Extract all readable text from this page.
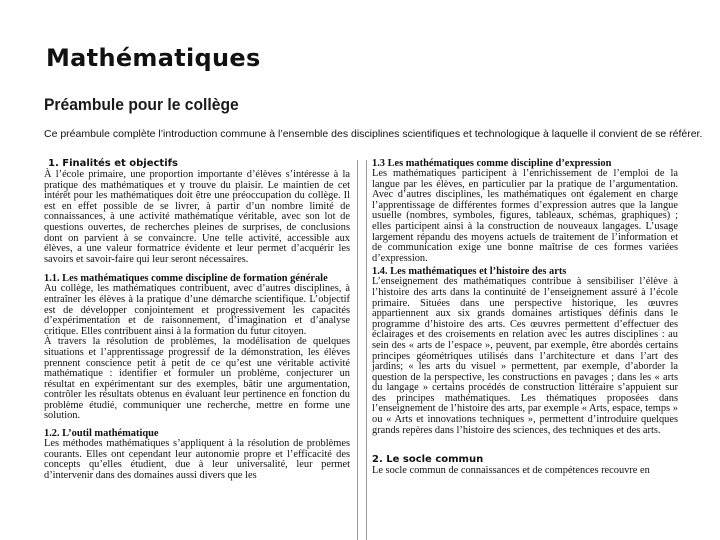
Mathématiques
Préambule pour le collège

Ce préambule complète l’introduction commune à l’ensemble des disciplines scientifiques et technologique à laquelle il convient de se référer.

1. Finalités et objectifs

À l’école primaire, une proportion importante d’élèves s’intéresse à la pratique des mathématiques et y trouve du plaisir. Le maintien de cet intérêt pour les mathématiques doit être une préoccupation du collège. Il est en effet possible de se livrer, à partir d’un nombre limité de connaissances, à une activité mathématique véritable, avec son lot de questions ouvertes, de recherches pleines de surprises, de conclusions dont on parvient à se convaincre. Une telle activité, accessible aux élèves, a une valeur formatrice évidente et leur permet d’acquérir les savoirs et savoir-faire qui leur seront nécessaires.

1.1. Les mathématiques comme discipline de formation générale

Au collège, les mathématiques contribuent, avec d’autres disciplines, à entraîner les élèves à la pratique d’une démarche scientifique. L’objectif est de développer conjointement et progressivement les capacités d’expérimentation et de raisonnement, d’imagination et d’analyse critique. Elles contribuent ainsi à la formation du futur citoyen.

À travers la résolution de problèmes, la modélisation de quelques situations et l’apprentissage progressif de la démonstration, les élèves prennent conscience petit à petit de ce qu’est une véritable activité mathématique : identifier et formuler un problème, conjecturer un résultat en expérimentant sur des exemples, bâtir une argumentation, contrôler les résultats obtenus en évaluant leur pertinence en fonction du problème étudié, communiquer une recherche, mettre en forme une solution.

1.2. L’outil mathématique

Les méthodes mathématiques s’appliquent à la résolution de problèmes courants. Elles ont cependant leur autonomie propre et l’efficacité des concepts qu’elles étudient, due à leur universalité, leur permet d’intervenir dans des domaines aussi divers que les

1.3 Les mathématiques comme discipline d’expression

Les mathématiques participent à l’enrichissement de l’emploi de la langue par les élèves, en particulier par la pratique de l’argumentation. Avec d’autres disciplines, les mathématiques ont également en charge l’apprentissage de différentes formes d’expression autres que la langue usuelle (nombres, symboles, figures, tableaux, schémas, graphiques) ; elles participent ainsi à la construction de nouveaux langages. L’usage largement répandu des moyens actuels de traitement de l’information et de communication exige une bonne maîtrise de ces formes variées d’expression.

1.4. Les mathématiques et l’histoire des arts

L’enseignement des mathématiques contribue à sensibiliser l’élève à l’histoire des arts dans la continuité de l’enseignement assuré à l’école primaire. Situées dans une perspective historique, les œuvres appartiennent aux six grands domaines artistiques définis dans le programme d’histoire des arts. Ces œuvres permettent d’effectuer des éclairages et des croisements en relation avec les autres disciplines : au sein des « arts de l’espace », peuvent, par exemple, être abordés certains principes géométriques utilisés dans l’architecture et dans l’art des jardins; « les arts du visuel » permettent, par exemple, d’aborder la question de la perspective, les constructions en pavages ; dans les « arts du langage » certains procédés de construction littéraire s’appuient sur des principes mathématiques. Les thématiques proposées dans l’enseignement de l’histoire des arts, par exemple « Arts, espace, temps » ou « Arts et innovations techniques », permettent d’introduire quelques grands repères dans l’histoire des sciences, des techniques et des arts.

2. Le socle commun

Le socle commun de connaissances et de compétences recouvre en
